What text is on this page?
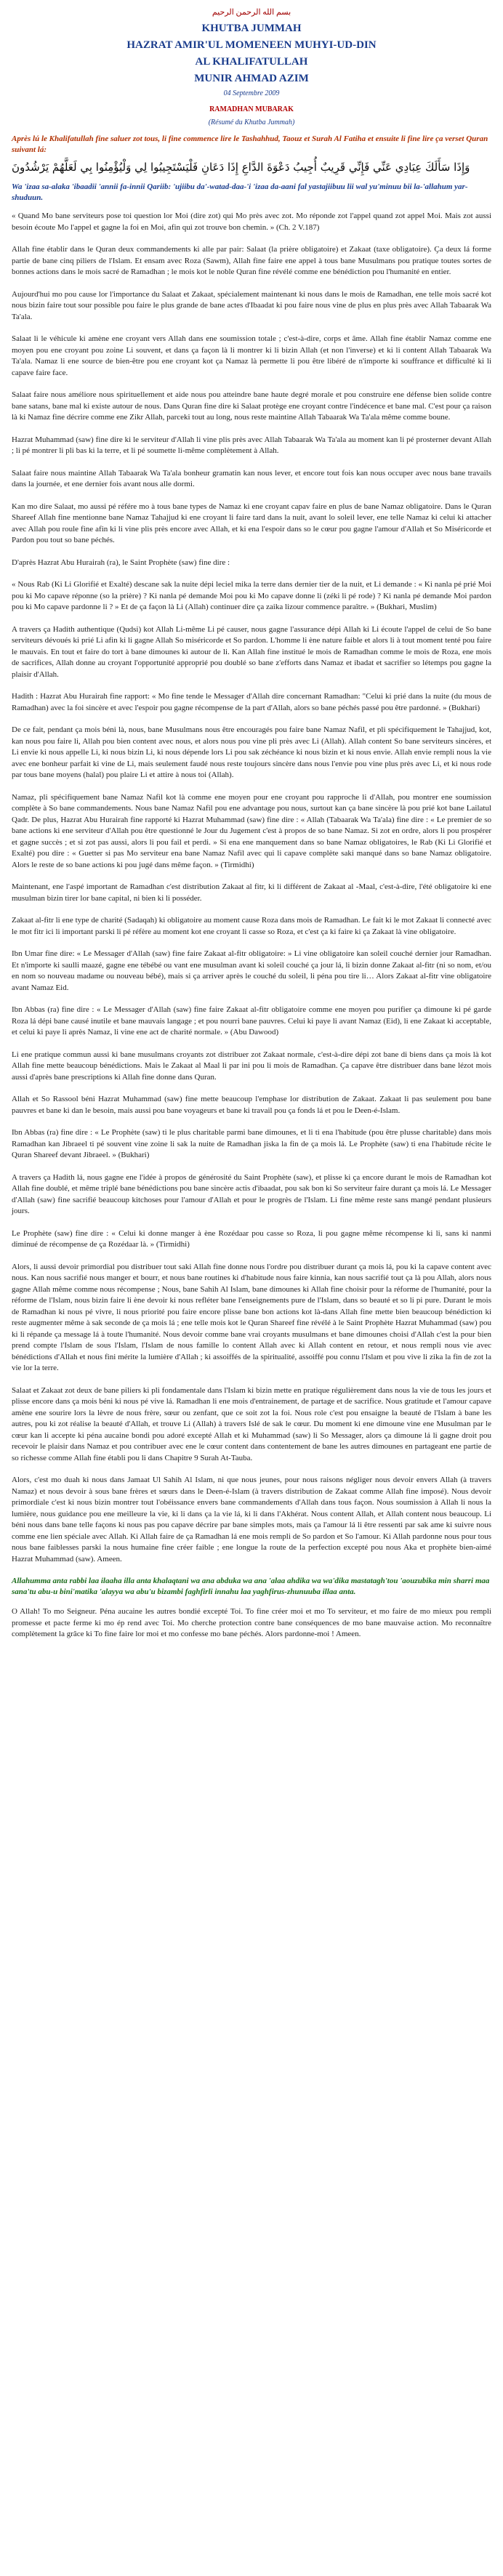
بسم الله الرحمن الرحيم
KHUTBA JUMMAH
HAZRAT AMIR'UL MOMENEEN MUHYI-UD-DIN
AL KHALIFATULLAH
MUNIR AHMAD AZIM
04 Septembre 2009
RAMADHAN MUBARAK
(Résumé du Khutba Jummah)
Après lú le Khalifatullah fine saluer zot tous, li fine commence lire le Tashahhud, Taouz et Surah Al Fatiha et ensuite li fine lire ça verset Quran suivant lá:
وَإِذَا سَأَلَكَ عِبَادِي عَنِّي فَإِنِّي قَرِيبٌ أُجِيبُ دَعْوَةَ الدَّاعِ إِذَا دَعَانِ فَلْيَسْتَجِيبُوا لِي وَلْيُؤْمِنُوا بِي لَعَلَّهُمْ يَرْشُدُونَ
Wa 'izaa sa-alaka 'ibaadii 'annii fa-innii Qariib: 'ujiibu da'-watad-daa-'i 'izaa da-aani fal yastajiibuu lii wal yu'minuu bii la-'allahum yar-shuduun.

« Quand Mo bane serviteurs pose toi question lor Moi (dire zot) qui Mo près avec zot. Mo réponde zot l'appel quand zot appel Moi. Mais zot aussi besoin écoute Mo l'appel et gagne la foi en Moi, afin qui zot trouve bon chemin. » (Ch. 2 V.187)

Allah fine établir dans le Quran deux commandements ki alle par pair: Salaat (la prière obligatoire) et Zakaat (taxe obligatoire). Ça deux lá forme partie de bane cinq piliers de l'Islam. Et ensam avec Roza (Sawm), Allah fine faire ene appel à tous bane Musulmans pou pratique toutes sortes de bonnes actions dans le mois sacré de Ramadhan ; le mois kot le noble Quran fine révélé comme ene bénédiction pou l'humanité en entier.

Aujourd'hui mo pou cause lor l'importance du Salaat et Zakaat, spécialement maintenant ki nous dans le mois de Ramadhan, ene telle mois sacré kot nous bizin faire tout sour possible pou faire le plus grande de bane actes d'Ibaadat ki pou faire nous vine de plus en plus près avec Allah Tabaarak Wa Ta'ala.

Salaat li le véhicule ki amène ene croyant vers Allah dans ene soumission totale ; c'est-à-dire, corps et âme. Allah fine établir Namaz comme ene moyen pou ene croyant pou zoine Li souvent, et dans ça façon là li montrer ki li bizin Allah (et non l'inverse) et ki li content Allah Tabaarak Wa Ta'ala. Namaz li ene source de bien-être pou ene croyant kot ça Namaz là permette li pou être libéré de n'importe ki souffrance et difficulté ki li capave faire face.

Salaat faire nous améliore nous spirituellement et aide nous pou atteindre bane haute degré morale et pou construire ene défense bien solide contre bane satans, bane mal ki existe autour de nous. Dans Quran fine dire ki Salaat protège ene croyant contre l'indécence et bane mal. C'est pour ça raison là ki Namaz fine décrire comme ene Zikr Allah, parceki tout au long, nous reste maintine Allah Tabaarak Wa Ta'ala même comme boune.

Hazrat Muhammad (saw) fine dire ki le serviteur d'Allah li vine plis près avec Allah Tabaarak Wa Ta'ala au moment kan li pé prosterner devant Allah ; li pé montrer li pli bas ki la terre, et li pé soumette li-même complètement à Allah.

Salaat faire nous maintine Allah Tabaarak Wa Ta'ala bonheur gramatin kan nous lever, et encore tout fois kan nous occuper avec nous bane travails dans la journée, et ene dernier fois avant nous alle dormi.

Kan mo dire Salaat, mo aussi pé référe mo à tous bane types de Namaz ki ene croyant capav faire en plus de bane Namaz obligatoire. Dans le Quran Shareef Allah fine mentionne bane Namaz Tahajjud ki ene croyant li faire tard dans la nuit, avant lo soleil lever, ene telle Namaz ki celui ki attacher avec Allah pou roule fine afin ki li vine plis près encore avec Allah, et ki ena l'espoir dans so le cœur pou gagne l'amour d'Allah et So Miséricorde et Pardon pou tout so bane péchés.

D'après Hazrat Abu Hurairah (ra), le Saint Prophète (saw) fine dire :

« Nous Rab (Ki Li Glorifié et Exalté) descane sak la nuite dépi leciel mika la terre dans dernier tier de la nuit, et Li demande : « Ki nanla pé prié Moi pou ki Mo capave réponne (so la prière) ? Ki nanla pé demande Moi pou ki Mo capave donne li (zéki li pé rode) ? Ki nanla pé demande Moi pardon pou ki Mo capave pardonne li ? » Et de ça façon là Li (Allah) continuer dire ça zaika lizour commence paraître. » (Bukhari, Muslim)

A travers ça Hadith authentique (Qudsi) kot Allah Li-même Li pé causer, nous gagne l'assurance dépi Allah ki Li écoute l'appel de celui de So bane serviteurs dévoués ki prié Li afin ki li gagne Allah So miséricorde et So pardon. L'homme li ène nature faible et alors li à tout moment tenté pou faire le mauvais. En tout et faire do tort à bane dimounes ki autour de li. Kan Allah fine institué le mois de Ramadhan comme le mois de Roza, ene mois de sacrifices, Allah donne au croyant l'opportunité approprié pou doublé so bane z'efforts dans Namaz et ibadat et sacrifier so létemps pou gagne la plaisir d'Allah.

Hadith : Hazrat Abu Hurairah fine rapport: « Mo fine tende le Messager d'Allah dire concernant Ramadhan: "Celui ki prié dans la nuite (du mous de Ramadhan) avec la foi sincère et avec l'espoir pou gagne récompense de la part d'Allah, alors so bane péchés passé pou être pardonné. » (Bukhari)

De ce fait, pendant ça mois béni là, nous, bane Musulmans nous être encouragés pou faire bane Namaz Nafil, et pli spécifiquement le Tahajjud, kot, kan nous pou faire li, Allah pou bien content avec nous, et alors nous pou vine pli près avec Li (Allah). Allah content So bane serviteurs sincères, et Li envie ki nous appelle Li, ki nous bizin Li, ki nous dépende lors Li pou sak zéchéance ki nous bizin et ki nous envie. Allah envie rempli nous la vie avec ene bonheur parfait ki vine de Li, mais seulement faudé nous reste toujours sincère dans nous l'envie pou vine plus près avec Li, et ki nous rode par tous bane moyens (halal) pou plaire Li et attire à nous toi (Allah).

Namaz, pli spécifiquement bane Namaz Nafil kot là comme ene moyen pour ene croyant pou rapproche li d'Allah, pou montrer ene soumission complète à So bane commandements. Nous bane Namaz Nafil pou ene advantage pou nous, surtout kan ça bane sincère là pou prié kot bane Lailatul Qadr. De plus, Hazrat Abu Hurairah fine rapporté ki Hazrat Muhammad (saw) fine dire : « Allah (Tabaarak Wa Ta'ala) fine dire : « Le premier de so bane actions ki ene serviteur d'Allah pou être questionné le Jour du Jugement c'est à propos de so bane Namaz. Si zot en ordre, alors li pou prospérer et gagne succès ; et si zot pas aussi, alors li pou fail et perdi. » Si ena ene manquement dans so bane Namaz obligatoires, le Rab (Ki Li Glorifié et Exalté) pou dire : « Guetter si pas Mo serviteur ena bane Namaz Nafil avec qui li capave complète saki manqué dans so bane Namaz obligatoire. Alors le reste de so bane actions ki pou jugé dans même façon. » (Tirmidhi)

Maintenant, ene l'aspé important de Ramadhan c'est distribution Zakaat al fitr, ki li différent de Zakaat al -Maal, c'est-à-dire, l'été obligatoire ki ene musulman bizin tirer lor bane capital, ni bien ki li posséder.

Zakaat al-fitr li ene type de charité (Sadaqah) ki obligatoire au moment cause Roza dans mois de Ramadhan. Le fait ki le mot Zakaat li connecté avec le mot fitr ici li important parski li pé réfère au moment kot ene croyant li casse so Roza, et c'est ça ki faire ki ça Zakaat là vine obligatoire.

Ibn Umar fine dire: « Le Messager d'Allah (saw) fine faire Zakaat al-fitr obligatoire: » Li vine obligatoire kan soleil couché dernier jour Ramadhan. Et n'importe ki saulli maazé, gagne ene tébébé ou vant ene musulman avant ki soleil couché ça jour lá, li bizin donne Zakaat al-fitr (ni so nom, et/ou en nom so nouveau madame ou nouveau bébé), mais si ça arriver après le couché du soleil, li péna pou tire li… Alors Zakaat al-fitr vine obligatoire avant Namaz Eid.

Ibn Abbas (ra) fine dire : « Le Messager d'Allah (saw) fine faire Zakaat al-fitr obligatoire comme ene moyen pou purifier ça dimoune ki pé garde Roza lá dépi bane causé inutile et bane mauvais langage ; et pou nourri bane pauvres. Celui ki paye li avant Namaz (Eid), li ene Zakaat ki acceptable, et celui ki paye li après Namaz, li vine ene act de charité normale. » (Abu Dawood)

Li ene pratique commun aussi ki bane musulmans croyants zot distribuer zot Zakaat normale, c'est-à-dire dépi zot bane di biens dans ça mois là kot Allah fine mette beaucoup bénédictions. Mais le Zakaat al Maal li par ini pou li mois de Ramadhan. Ça capave être distribuer dans bane lézot mois aussi d'après bane prescriptions ki Allah fine donne dans Quran.

Allah et So Rassool béni Hazrat Muhammad (saw) fine mette beaucoup l'emphase lor distribution de Zakaat. Zakaat li pas seulement pou bane pauvres et bane ki dan le besoin, mais aussi pou bane voyageurs et bane ki travail pou ça fonds lá et pou le Deen-é-Islam.

Ibn Abbas (ra) fine dire : « Le Prophète (saw) ti le plus charitable parmi bane dimounes, et li ti ena l'habitude (pou être plusse charitable) dans mois Ramadhan kan Jibraeel ti pé souvent vine zoine li sak la nuite de Ramadhan jiska la fin de ça mois lá. Le Prophète (saw) ti ena l'habitude récite le Quran Shareef devant Jibraeel. » (Bukhari)

A travers ça Hadith lá, nous gagne ene l'idée à propos de générosité du Saint Prophète (saw), et plisse ki ça encore durant le mois de Ramadhan kot Allah fine doublé, et même triplé bane bénédictions pou bane sincère actis d'ibaadat, pou sak bon ki So serviteur faire durant ça mois lá. Le Messager d'Allah (saw) fine sacrifié beaucoup kitchoses pour l'amour d'Allah et pour le progrès de l'Islam. Li fine même reste sans mangé pendant plusieurs jours.

Le Prophète (saw) fine dire : « Celui ki donne manger à ène Rozédaar pou casse so Roza, li pou gagne même récompense ki li, sans ki nanmi diminué de récompense de ça Rozédaar là. » (Tirmidhi)

Alors, li aussi devoir primordial pou distribuer tout saki Allah fine donne nous l'ordre pou distribuer durant ça mois lá, pou ki la capave content avec nous. Kan nous sacrifié nous manger et bourr, et nous bane routines ki d'habitude nous faire kinnia, kan nous sacrifié tout ça là pou Allah, alors nous gagne Allah même comme nous récompense ; Nous, bane Sahih Al Islam, bane dimounes ki Allah fine choisir pour la réforme de l'humanité, pour la réforme de l'Islam, nous bizin faire li ène devoir ki nous refléter bane l'enseignements pure de l'Islam, dans so beauté et so li pi pure. Durant le mois de Ramadhan ki nous pé vivre, li nous priorité pou faire encore plisse bane bon actions kot là-dans Allah fine mette bien beaucoup bénédiction ki reste augmenter même à sak seconde de ça mois lá ; ene telle mois kot le Quran Shareef fine révélé à le Saint Prophète Hazrat Muhammad (saw) pou ki li répande ça message lá à toute l'humanité. Nous devoir comme bane vrai croyants musulmans et bane dimounes choisi d'Allah c'est la pour bien prend compte l'Islam de sous l'Islam, l'Islam de nous famille lo content Allah avec ki Allah content en retour, et nous rempli nous vie avec bénédictions d'Allah et nous fini mérite la lumière d'Allah ; ki assoiffés de la spiritualité, assoiffé pou connu l'Islam et pou vive li zika la fin de zot la vie lor la terre.

Salaat et Zakaat zot deux de bane piliers ki pli fondamentale dans l'Islam ki bizin mette en pratique régulièrement dans nous la vie de tous les jours et plisse encore dans ça mois béni ki nous pé vive lá. Ramadhan li ene mois d'entrainement, de partage et de sacrifice. Nous gratitude et l'amour capave amène ene sourire lors la lèvre de nous frère, sœur ou zenfant, que ce soit zot la foi. Nous role c'est pou ensaigne la beauté de l'Islam à bane les autres, pou ki zot réalise la beauté d'Allah, et trouve Li (Allah) à travers Islé de sak le cœur. Du moment ki ene dimoune vine ene Musulman par le cœur kan li accepte ki péna aucaine bondi pou adoré excepté Allah et ki Muhammad (saw) li So Messager, alors ça dimoune lá li gagne droit pou recevoir le plaisir dans Namaz et pou contribuer avec ene le cœur content dans contentement de bane les autres dimounes en partageant ene partie de so richesse comme Allah fine établi pou li dans Chapitre 9 Surah At-Tauba.

Alors, c'est mo duah ki nous dans Jamaat Ul Sahih Al Islam, ni que nous jeunes, pour nous raisons négliger nous devoir envers Allah (à travers Namaz) et nous devoir à sous bane frères et sœurs dans le Deen-é-Islam (à travers distribution de Zakaat comme Allah fine imposé). Nous devoir primordiale c'est ki nous bizin montrer tout l'obéissance envers bane commandements d'Allah dans tous façon. Nous soumission à Allah li nous la lumière, nous guidance pou ene meilleure la vie, ki li dans ça la vie lá, ki li dans l'Akhérat. Nous content Allah, et Allah content nous beaucoup. Li béni nous dans bane telle façons ki nous pas pou capave décrire par bane simples mots, mais ça l'amour lá li être ressenti par sak ame ki suivre nous comme ene lien spéciale avec Allah. Ki Allah faire de ça Ramadhan lá ene mois rempli de So pardon et So l'amour. Ki Allah pardonne nous pour tous nous bane faiblesses parski la nous humaine fine créer faible ; ene longue la route de la perfection excepté pou nous Aka et prophète bien-aimé Hazrat Muhammad (saw). Ameen.

Allahumma anta rabbi laa ilaaha illa anta khalaqtani wa ana abduka wa ana 'alaa ahdika wa wa'dika mastatagh'tou 'aouzubika min sharri maa sana'tu abu-u bini'matika 'alayya wa abu'u bizambi faghfirli innahu laa yaghfirus-zhunuuba illaa anta.

O Allah! To mo Seigneur. Péna aucaine les autres bondié excepté Toi. To fine créer moi et mo To serviteur, et mo faire de mo mieux pou rempli promesse et pacte ferme ki mo ép rend avec Toi. Mo cherche protection contre bane conséquences de mo bane mauvaise action. Mo reconnaître complètement la grâce ki To fine faire lor moi et mo confesse mo bane péchés. Alors pardonne-moi ! Ameen.
